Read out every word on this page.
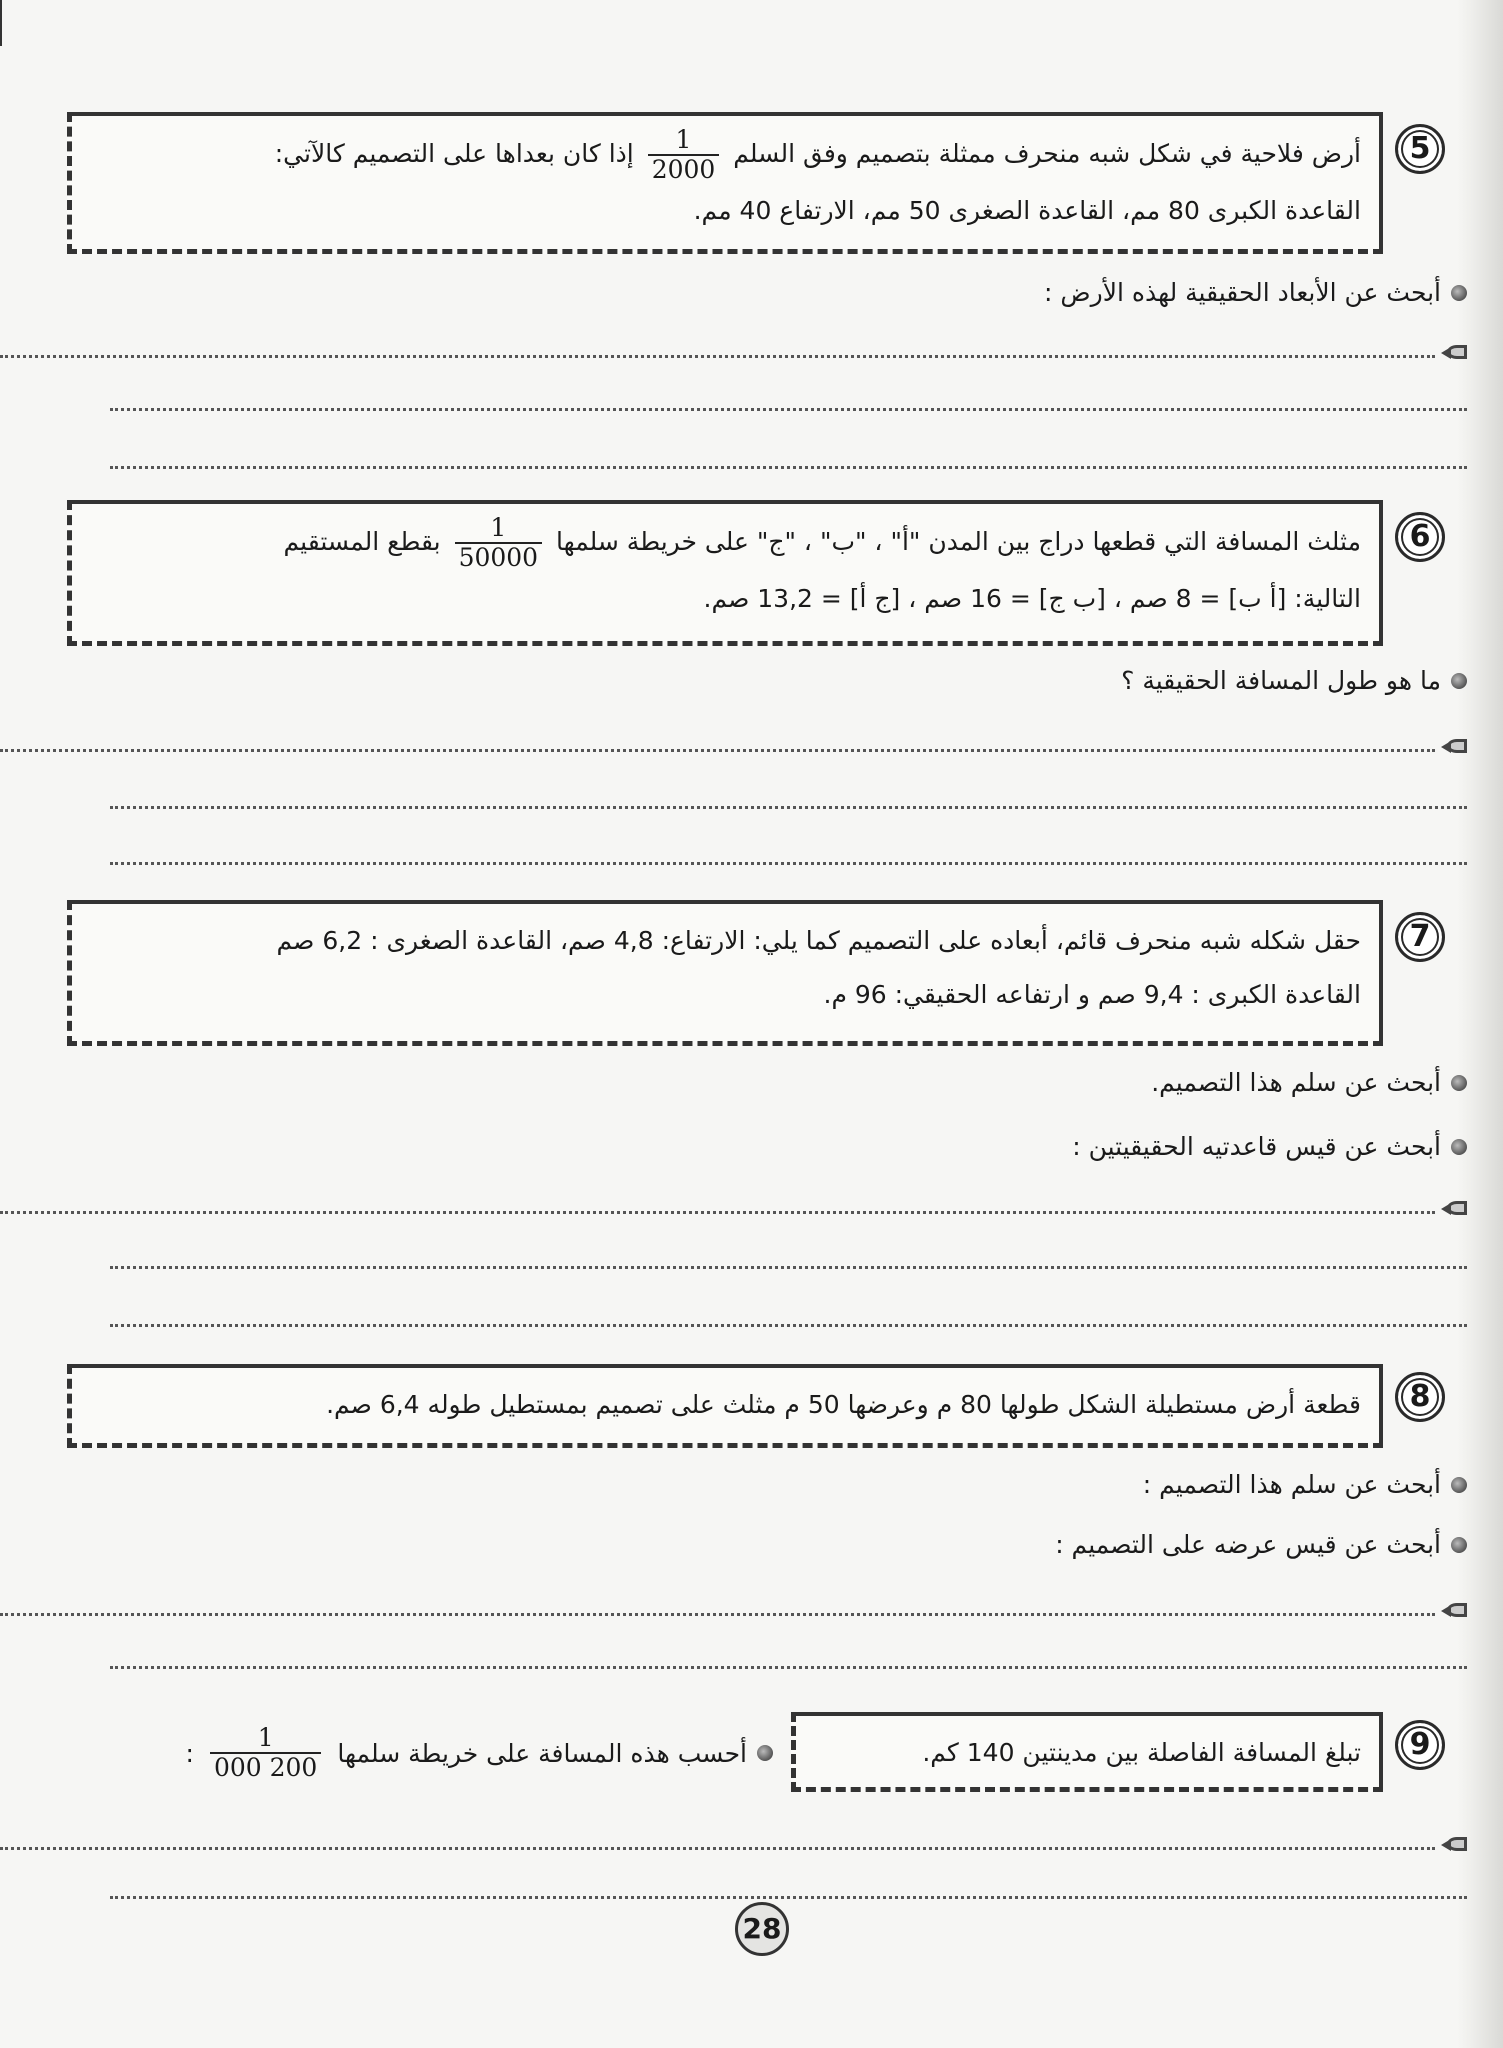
5
أرض فلاحية في شكل شبه منحرف ممثلة بتصميم وفق السلم
$\frac{1}{2000}$
إذا كان بعداها على التصميم كالآتي:
القاعدة الكبرى 80 مم، القاعدة الصغرى 50 مم، الارتفاع 40 مم.
أبحث عن الأبعاد الحقيقية لهذه الأرض :
6
مثلث المسافة التي قطعها دراج بين المدن "أ" ، "ب" ، "ج" على خريطة سلمها
$\frac{1}{50000}$
بقطع المستقيم
التالية: [أ ب] = 8 صم ، [ب ج] = 16 صم ، [ج أ] = 13,2 صم.
ما هو طول المسافة الحقيقية ؟
7
حقل شكله شبه منحرف قائم، أبعاده على التصميم كما يلي: الارتفاع: 4,8 صم، القاعدة الصغرى : 6,2 صم
القاعدة الكبرى : 9,4 صم و ارتفاعه الحقيقي: 96 م.
أبحث عن سلم هذا التصميم.
أبحث عن قيس قاعدتيه الحقيقيتين :
8
قطعة أرض مستطيلة الشكل طولها 80 م وعرضها 50 م مثلث على تصميم بمستطيل طوله 6,4 صم.
أبحث عن سلم هذا التصميم :
أبحث عن قيس عرضه على التصميم :
9
تبلغ المسافة الفاصلة بين مدينتين 140 كم.
أحسب هذه المسافة على خريطة سلمها
$\frac{1}{200 000}$
:
28
